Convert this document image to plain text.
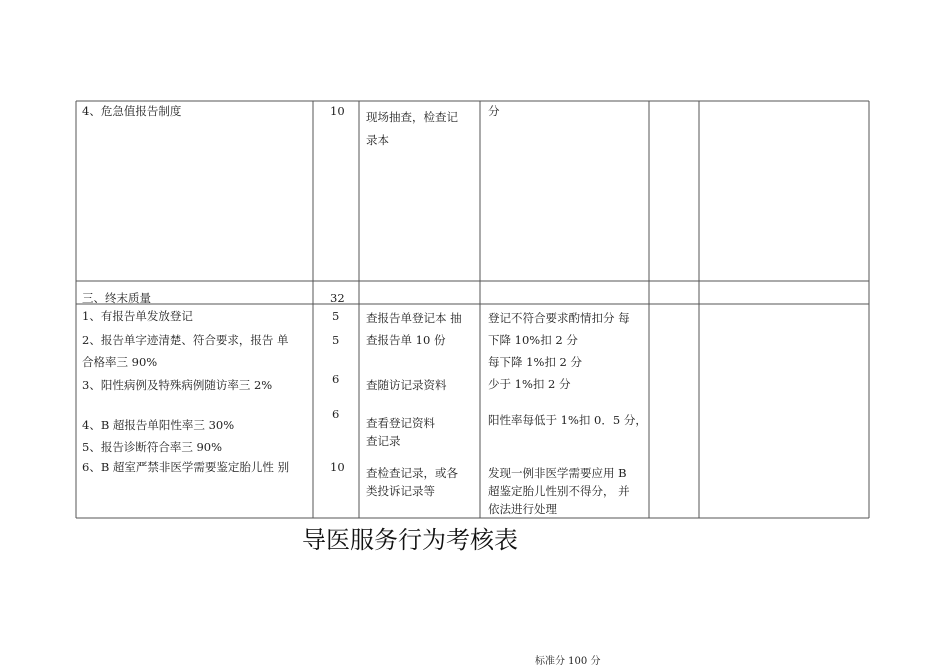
4、危急值报告制度	10 现场抽查，检查记
录本
分
三、终末质量	32
1、有报告单发放登记
2、报告单字迹清楚、符合要求，报告 单
合格率三 90%
3、阳性病例及特殊病例随访率三 2%
4、B 超报告单阳性率三 30%
5、报告诊断符合率三 90%
6、B 超室严禁非医学需要鉴定胎儿性 别
5
5
6
6
10
查报告单登记本 抽
查报告单 10 份
查随访记录资料
查看登记资料
查记录
查检查记录，或各
类投诉记录等
登记不符合要求酌情扣分 每
下降 10%扣 2 分
每下降 1%扣 2 分
少于 1%扣 2 分
阳性率每低于 1%扣 0．5 分，
发现一例非医学需要应用 B
超鉴定胎儿性别不得分， 并
依法进行处理
导医服务行为考核表
标准分 100 分
